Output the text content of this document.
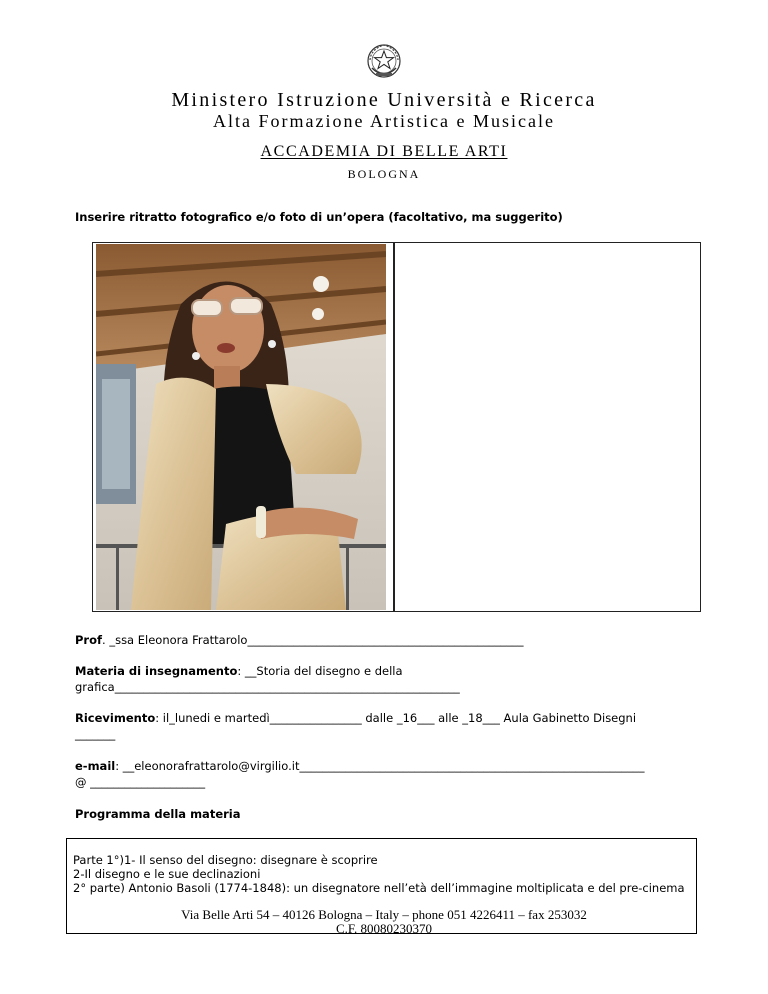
Ministero Istruzione Università e Ricerca
Alta Formazione Artistica e Musicale
ACCADEMIA DI BELLE ARTI
BOLOGNA
Inserire ritratto fotografico e/o foto di un’opera (facoltativo, ma suggerito)
Prof. _ssa Eleonora Frattarolo________________________________________________
Materia di insegnamento: __Storia del disegno e della
grafica____________________________________________________________
Ricevimento: il_lunedi e martedì________________ dalle _16___ alle _18___ Aula Gabinetto Disegni
_______
e-mail: __eleonorafrattarolo@virgilio.it____________________________________________________________
@ ____________________
Programma della materia
Parte 1°)1- Il senso del disegno: disegnare è scoprire
2-Il disegno e le sue declinazioni
2° parte) Antonio Basoli (1774-1848): un disegnatore nell’età dell’immagine moltiplicata e del pre-cinema
Via Belle Arti 54 – 40126 Bologna – Italy – phone 051 4226411 – fax 253032
C.F. 80080230370
